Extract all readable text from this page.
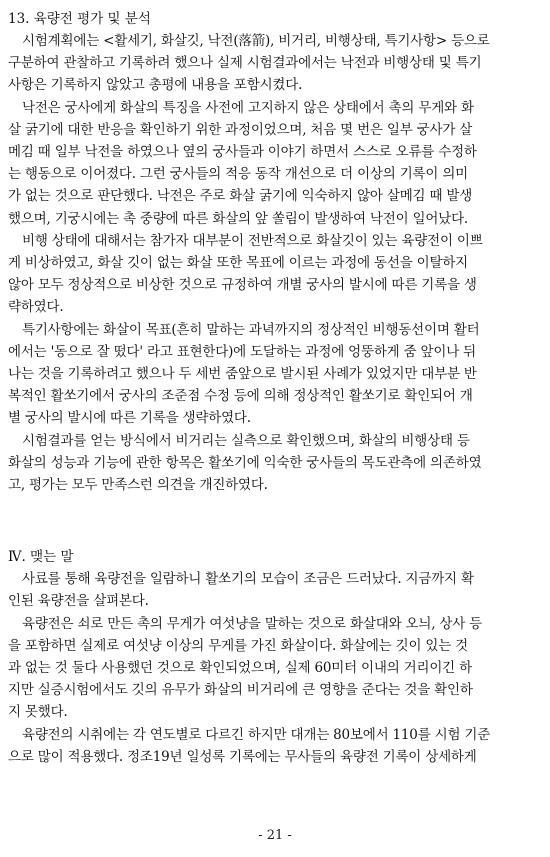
13. 육량전 평가 및 분석
시험계획에는 <활세기, 화살깃, 낙전(落箭), 비거리, 비행상태, 특기사항> 등으로
구분하여 관찰하고 기록하려 했으나 실제 시험결과에서는 낙전과 비행상태 및 특기
사항은 기록하지 않았고 총평에 내용을 포함시켰다.
낙전은 궁사에게 화살의 특징을 사전에 고지하지 않은 상태에서 촉의 무게와 화
살 굵기에 대한 반응을 확인하기 위한 과정이었으며, 처음 몇 번은 일부 궁사가 살
메김 때 일부 낙전을 하였으나 옆의 궁사들과 이야기 하면서 스스로 오류를 수정하
는 행동으로 이어졌다. 그런 궁사들의 적응 동작 개선으로 더 이상의 기록이 의미
가 없는 것으로 판단했다. 낙전은 주로 화살 굵기에 익숙하지 않아 살메김 때 발생
했으며, 기궁시에는 촉 중량에 따른 화살의 앞 쏠림이 발생하여 낙전이 일어났다.
비행 상태에 대해서는 참가자 대부분이 전반적으로 화살깃이 있는 육량전이 이쁘
게 비상하였고, 화살 깃이 없는 화살 또한 목표에 이르는 과정에 동선을 이탈하지
않아 모두 정상적으로 비상한 것으로 규정하여 개별 궁사의 발시에 따른 기록을 생
략하였다.
특기사항에는 화살이 목표(흔히 말하는 과녁까지의 정상적인 비행동선이며 활터
에서는 '동으로 잘 떴다' 라고 표현한다)에 도달하는 과정에 엉뚱하게 줌 앞이나 뒤
나는 것을 기록하려고 했으나 두 세번 줌앞으로 발시된 사례가 있었지만 대부분 반
복적인 활쏘기에서 궁사의 조준점 수정 등에 의해 정상적인 활쏘기로 확인되어 개
별 궁사의 발시에 따른 기록을 생략하였다.
시험결과를 얻는 방식에서 비거리는 실측으로 확인했으며, 화살의 비행상태 등
화살의 성능과 기능에 관한 항목은 활쏘기에 익숙한 궁사들의 목도관측에 의존하였
고, 평가는 모두 만족스런 의견을 개진하였다.
Ⅳ. 맺는 말
사료를 통해 육량전을 일람하니 활쏘기의 모습이 조금은 드러났다. 지금까지 확
인된 육량전을 살펴본다.
육량전은 쇠로 만든 촉의 무게가 여섯냥을 말하는 것으로 화살대와 오늬, 상사 등
을 포함하면 실제로 여섯냥 이상의 무게를 가진 화살이다. 화살에는 깃이 있는 것
과 없는 것 둘다 사용했던 것으로 확인되었으며, 실제 60미터 이내의 거리이긴 하
지만 실증시험에서도 깃의 유무가 화살의 비거리에 큰 영향을 준다는 것을 확인하
지 못했다.
육량전의 시취에는 각 연도별로 다르긴 하지만 대개는 80보에서 110를 시험 기준
으로 많이 적용했다. 정조19년 일성록 기록에는 무사들의 육량전 기록이 상세하게
- 21 -
